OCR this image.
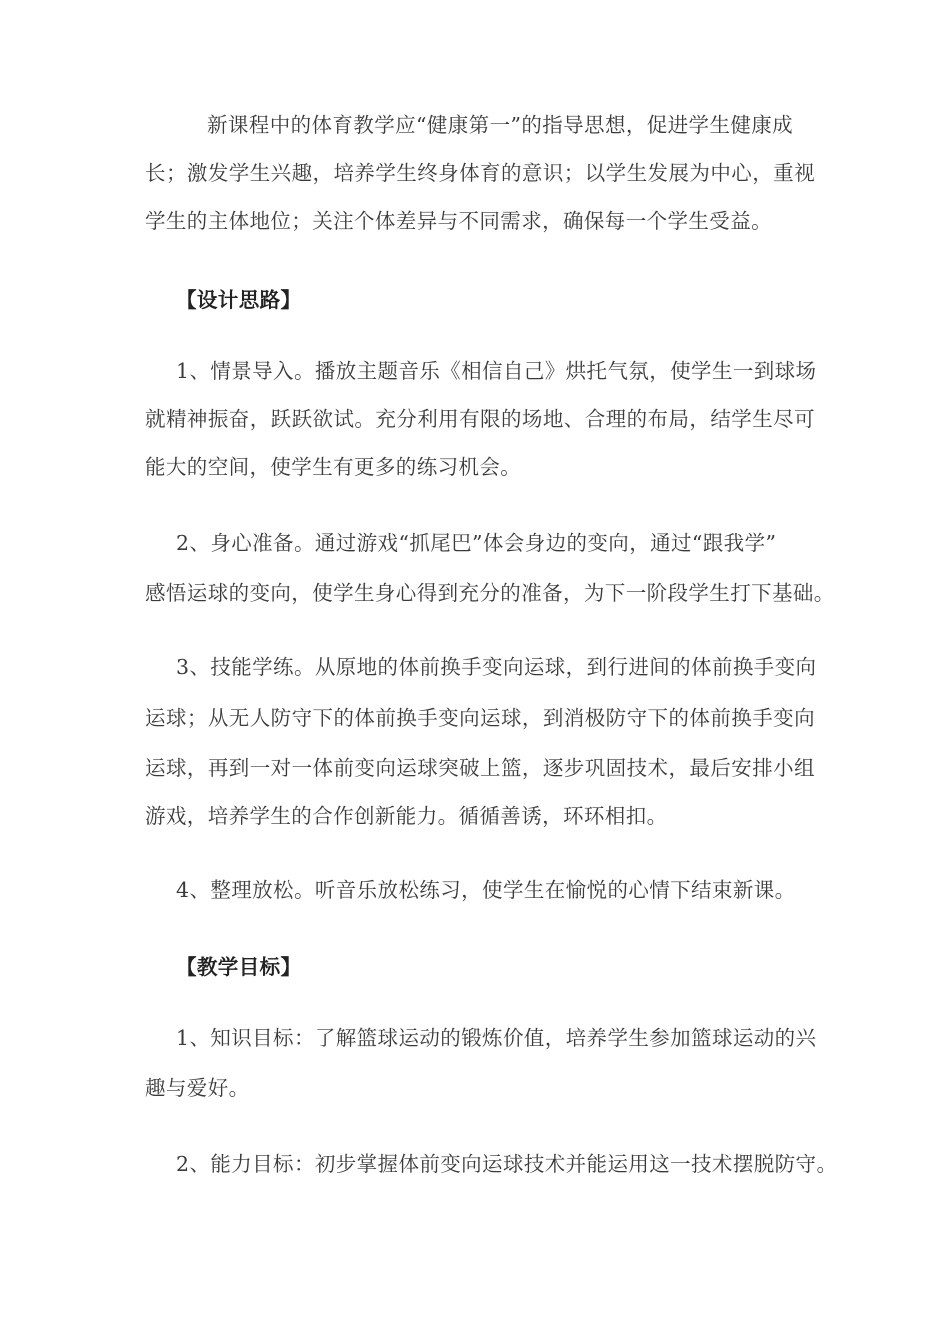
新课程中的体育教学应“健康第一”的指导思想，促进学生健康成
长；激发学生兴趣，培养学生终身体育的意识；以学生发展为中心，重视
学生的主体地位；关注个体差异与不同需求，确保每一个学生受益。
【设计思路】
1、情景导入。播放主题音乐《相信自己》烘托气氛，使学生一到球场
就精神振奋，跃跃欲试。充分利用有限的场地、合理的布局，结学生尽可
能大的空间，使学生有更多的练习机会。
2、身心准备。通过游戏“抓尾巴”体会身边的变向，通过“跟我学”
感悟运球的变向，使学生身心得到充分的准备，为下一阶段学生打下基础。
3、技能学练。从原地的体前换手变向运球，到行进间的体前换手变向
运球；从无人防守下的体前换手变向运球，到消极防守下的体前换手变向
运球，再到一对一体前变向运球突破上篮，逐步巩固技术，最后安排小组
游戏，培养学生的合作创新能力。循循善诱，环环相扣。
4、整理放松。听音乐放松练习，使学生在愉悦的心情下结束新课。
【教学目标】
1、知识目标：了解篮球运动的锻炼价值，培养学生参加篮球运动的兴
趣与爱好。
2、能力目标：初步掌握体前变向运球技术并能运用这一技术摆脱防守。
